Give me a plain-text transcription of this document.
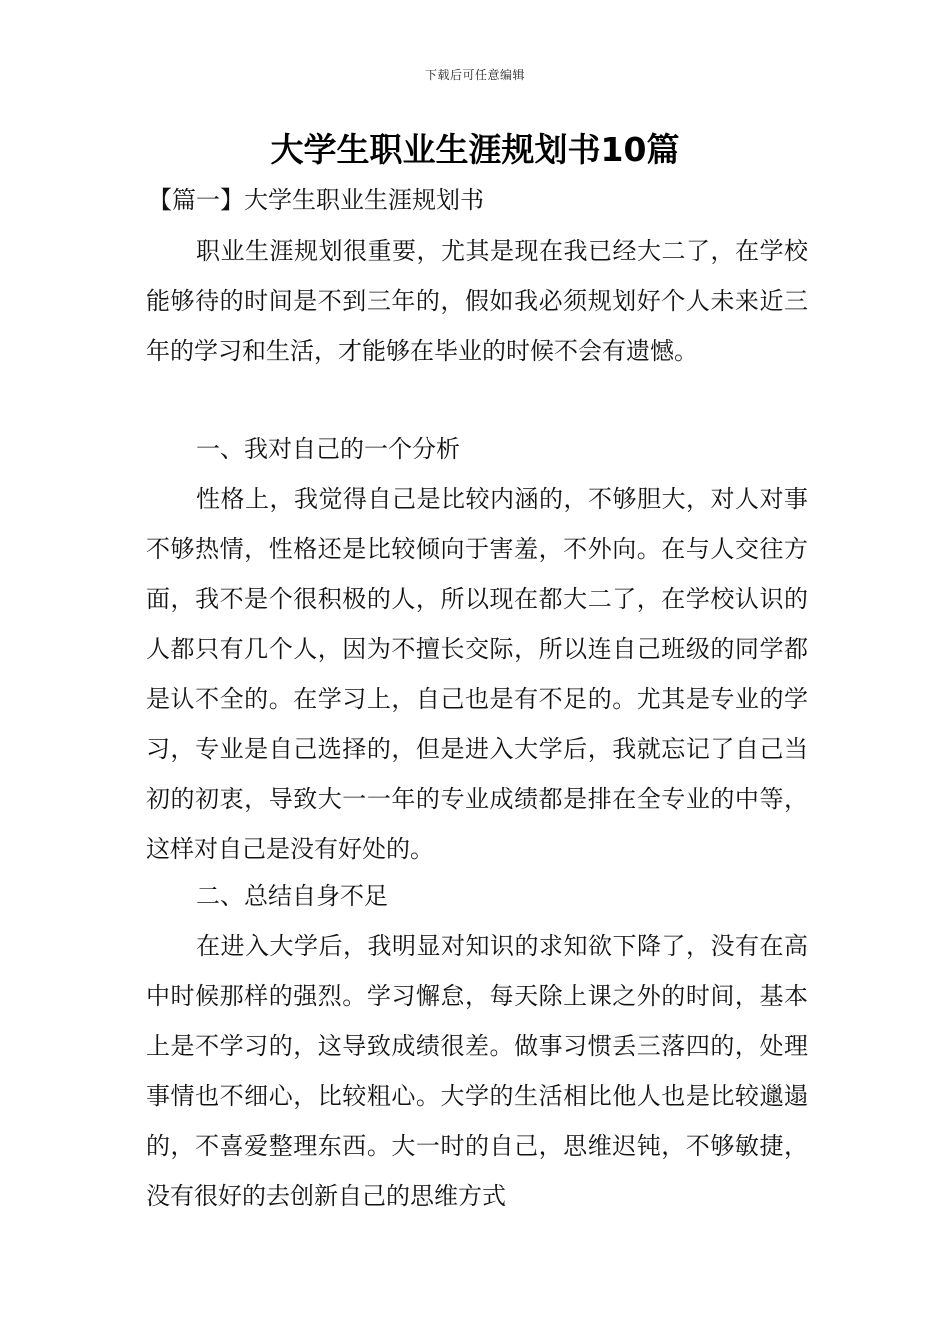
下载后可任意编辑
大学生职业生涯规划书10篇
【篇一】大学生职业生涯规划书

职业生涯规划很重要，尤其是现在我已经大二了，在学校能够待的时间是不到三年的，假如我必须规划好个人未来近三年的学习和生活，才能够在毕业的时候不会有遗憾。

一、我对自己的一个分析

性格上，我觉得自己是比较内涵的，不够胆大，对人对事不够热情，性格还是比较倾向于害羞，不外向。在与人交往方面，我不是个很积极的人，所以现在都大二了，在学校认识的人都只有几个人，因为不擅长交际，所以连自己班级的同学都是认不全的。在学习上，自己也是有不足的。尤其是专业的学习，专业是自己选择的，但是进入大学后，我就忘记了自己当初的初衷，导致大一一年的专业成绩都是排在全专业的中等，这样对自己是没有好处的。

二、总结自身不足

在进入大学后，我明显对知识的求知欲下降了，没有在高中时候那样的强烈。学习懈怠，每天除上课之外的时间，基本上是不学习的，这导致成绩很差。做事习惯丢三落四的，处理事情也不细心，比较粗心。大学的生活相比他人也是比较邋遢的，不喜爱整理东西。大一时的自己，思维迟钝，不够敏捷，没有很好的去创新自己的思维方式
